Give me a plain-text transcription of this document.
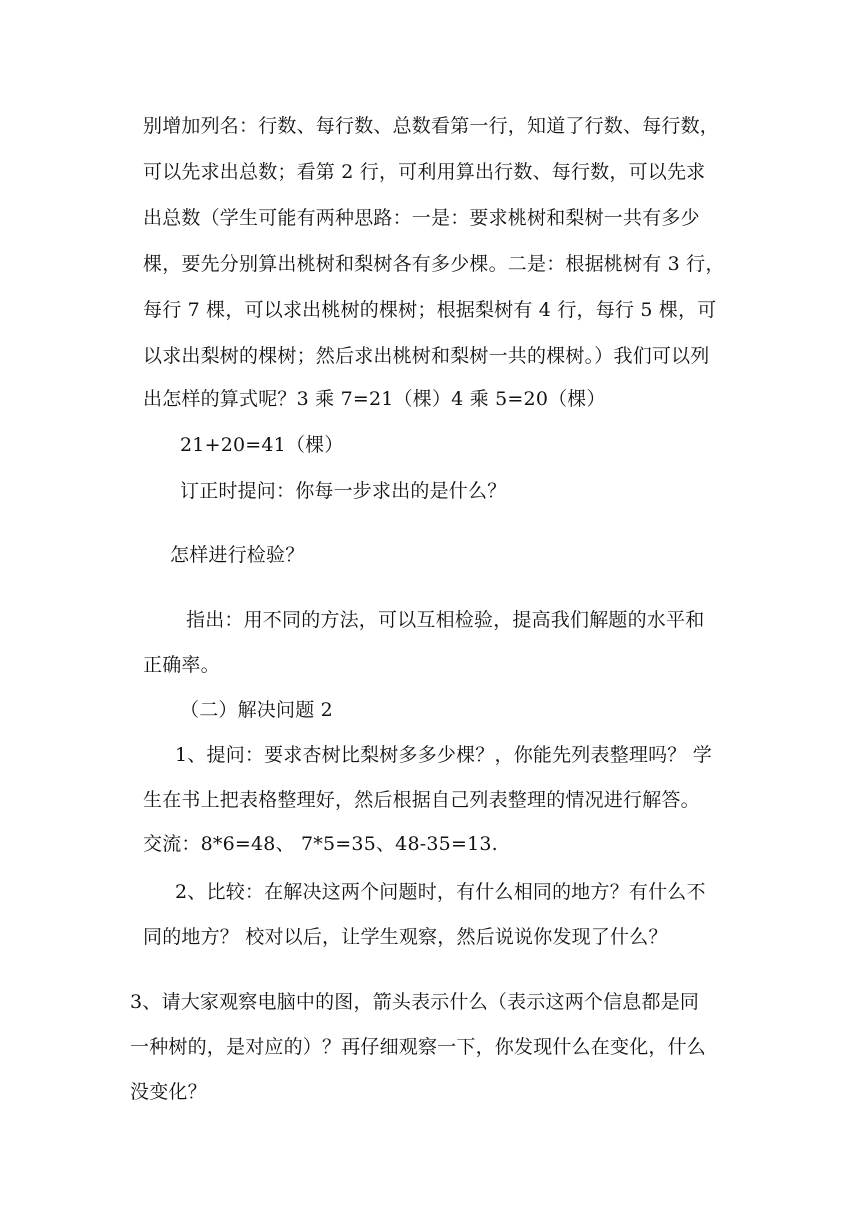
别增加列名：行数、每行数、总数看第一行，知道了行数、每行数，
可以先求出总数；看第 2 行，可利用算出行数、每行数，可以先求
出总数（学生可能有两种思路：一是：要求桃树和梨树一共有多少
棵，要先分别算出桃树和梨树各有多少棵。二是：根据桃树有 3 行，
每行 7 棵，可以求出桃树的棵树；根据梨树有 4 行，每行 5 棵，可
以求出梨树的棵树；然后求出桃树和梨树一共的棵树。）我们可以列
出怎样的算式呢？3 乘 7=21（棵）4 乘 5=20（棵）
21+20=41（棵）
订正时提问：你每一步求出的是什么？
怎样进行检验？
指出：用不同的方法，可以互相检验，提高我们解题的水平和
正确率。
（二）解决问题 2
1、提问：要求杏树比梨树多多少棵？，你能先列表整理吗？ 学
生在书上把表格整理好，然后根据自己列表整理的情况进行解答。
交流：8*6=48、 7*5=35、48-35=13.
2、比较：在解决这两个问题时，有什么相同的地方？有什么不
同的地方？ 校对以后，让学生观察，然后说说你发现了什么？
3、请大家观察电脑中的图，箭头表示什么（表示这两个信息都是同
一种树的，是对应的）？再仔细观察一下，你发现什么在变化，什么
没变化？
